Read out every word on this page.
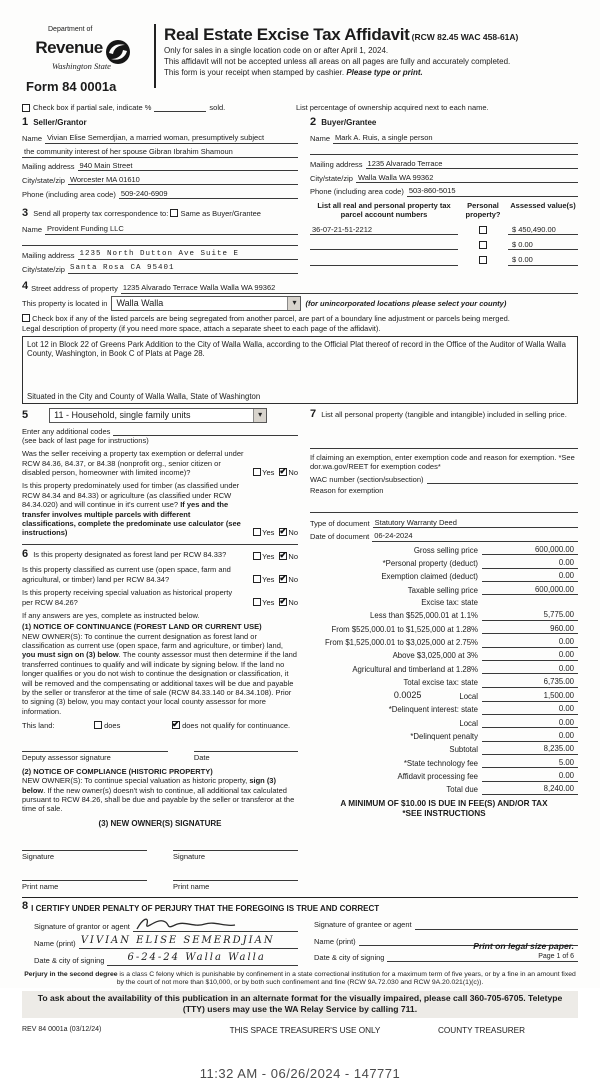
Department of
Revenue
Washington State
Form 84 0001a
Real Estate Excise Tax Affidavit (RCW 82.45 WAC 458-61A)
Only for sales in a single location code on or after April 1, 2024.
This affidavit will not be accepted unless all areas on all pages are fully and accurately completed.
This form is your receipt when stamped by cashier. Please type or print.
Check box if partial sale, indicate %	sold.	List percentage of ownership acquired next to each name.
1 Seller/Grantor
Name Vivian Elise Semerdjian, a married woman, presumptively subject
the community interest of her spouse Gibran Ibrahim Shamoun
Mailing address 940 Main Street
City/state/zip Worcester MA 01610
Phone (including area code) 509-240-6909
3 Send all property tax correspondence to: Same as Buyer/Grantee
Name Provident Funding LLC
Mailing address 1235 North Dutton Ave Suite E
City/state/zip Santa Rosa CA 95401
2 Buyer/Grantee
Name Mark A. Ruis, a single person
Mailing address 1235 Alvarado Terrace
City/state/zip Walla Walla WA 99362
Phone (including area code) 503-860-5015
List all real and personal property tax parcel account numbers
Personal property?
Assessed value(s)
36-07-21-51-2212	$ 450,490.00
$ 0.00
$ 0.00
4 Street address of property 1235 Alvarado Terrace Walla Walla WA 99362
This property is located in	Walla Walla ▾	(for unincorporated locations please select your county)
Check box if any of the listed parcels are being segregated from another parcel, are part of a boundary line adjustment or parcels being merged.
Legal description of property (if you need more space, attach a separate sheet to each page of the affidavit).
Lot 12 in Block 22 of Greens Park Addition to the City of Walla Walla, according to the Official Plat thereof of record in the Office of the Auditor of Walla Walla County, Washington, in Book C of Plats at Page 28.
Situated in the City and County of Walla Walla, State of Washington
5	11 - Household, single family units
▾
Enter any additional codes
(see back of last page for instructions)
Was the seller receiving a property tax exemption or deferral under RCW 84.36, 84.37, or 84.38 (nonprofit org., senior citizen or disabled person, homeowner with limited income)?	Yes ✔ No
Is this property predominately used for timber (as classified under RCW 84.34 and 84.33) or agriculture (as classified under RCW 84.34.020) and will continue in it's current use? If yes and the transfer involves multiple parcels with different classifications, complete the predominate use calculator (see instructions)	Yes ✔ No
6 Is this property designated as forest land per RCW 84.33?	Yes ✔ No
Is this property classified as current use (open space, farm and agricultural, or timber) land per RCW 84.34?	Yes ✔ No
Is this property receiving special valuation as historical property per RCW 84.26?	Yes ✔ No
If any answers are yes, complete as instructed below.
(1) NOTICE OF CONTINUANCE (FOREST LAND OR CURRENT USE)
NEW OWNER(S): To continue the current designation as forest land or classification as current use (open space, farm and agriculture, or timber) land, you must sign on (3) below. The county assessor must then determine if the land transferred continues to qualify and will indicate by signing below. If the land no longer qualifies or you do not wish to continue the designation or classification, it will be removed and the compensating or additional taxes will be due and payable by the seller or transferor at the time of sale (RCW 84.33.140 or 84.34.108). Prior to signing (3) below, you may contact your local county assessor for more information.
This land:	does ✔	does not qualify for continuance.
Deputy assessor signature	Date
(2) NOTICE OF COMPLIANCE (HISTORIC PROPERTY)
NEW OWNER(S): To continue special valuation as historic property, sign (3) below. If the new owner(s) doesn't wish to continue, all additional tax calculated pursuant to RCW 84.26, shall be due and payable by the seller or transferor at the time of sale.
(3) NEW OWNER(S) SIGNATURE
Signature	Signature
Print name	Print name
7 List all personal property (tangible and intangible) included in selling price.
If claiming an exemption, enter exemption code and reason for exemption. *See dor.wa.gov/REET for exemption codes*
WAC number (section/subsection)
Reason for exemption
Type of document Statutory Warranty Deed
Date of document 06-24-2024
Gross selling price	600,000.00
*Personal property (deduct)	0.00
Exemption claimed (deduct)	0.00
Taxable selling price	600,000.00
Excise tax: state
Less than $525,000.01 at 1.1%	5,775.00
From $525,000.01 to $1,525,000 at 1.28%	960.00
From $1,525,000.01 to $3,025,000 at 2.75%	0.00
Above $3,025,000 at 3%	0.00
Agricultural and timberland at 1.28%	0.00
Total excise tax: state	6,735.00
0.0025	Local	1,500.00
*Delinquent interest: state	0.00
Local	0.00
*Delinquent penalty	0.00
Subtotal	8,235.00
*State technology fee	5.00
Affidavit processing fee	0.00
Total due	8,240.00
A MINIMUM OF $10.00 IS DUE IN FEE(S) AND/OR TAX
*SEE INSTRUCTIONS
8 I CERTIFY UNDER PENALTY OF PERJURY THAT THE FOREGOING IS TRUE AND CORRECT
Signature of grantor or agent
Name (print) VIVIAN ELISE SEMERDJIAN
Date & city of signing	6-24-24 Walla Walla
Signature of grantee or agent
Name (print)
Date & city of signing
Perjury in the second degree is a class C felony which is punishable by confinement in a state correctional institution for a maximum term of five years, or by a fine in an amount fixed by the court of not more than $10,000, or by both such confinement and fine (RCW 9A.72.030 and RCW 9A.20.021(1)(c)).
To ask about the availability of this publication in an alternate format for the visually impaired, please call 360-705-6705. Teletype (TTY) users may use the WA Relay Service by calling 711.
REV 84 0001a (03/12/24)	THIS SPACE TREASURER'S USE ONLY	COUNTY TREASURER
11:32 AM - 06/26/2024 - 147771
Print on legal size paper.
Page 1 of 6
